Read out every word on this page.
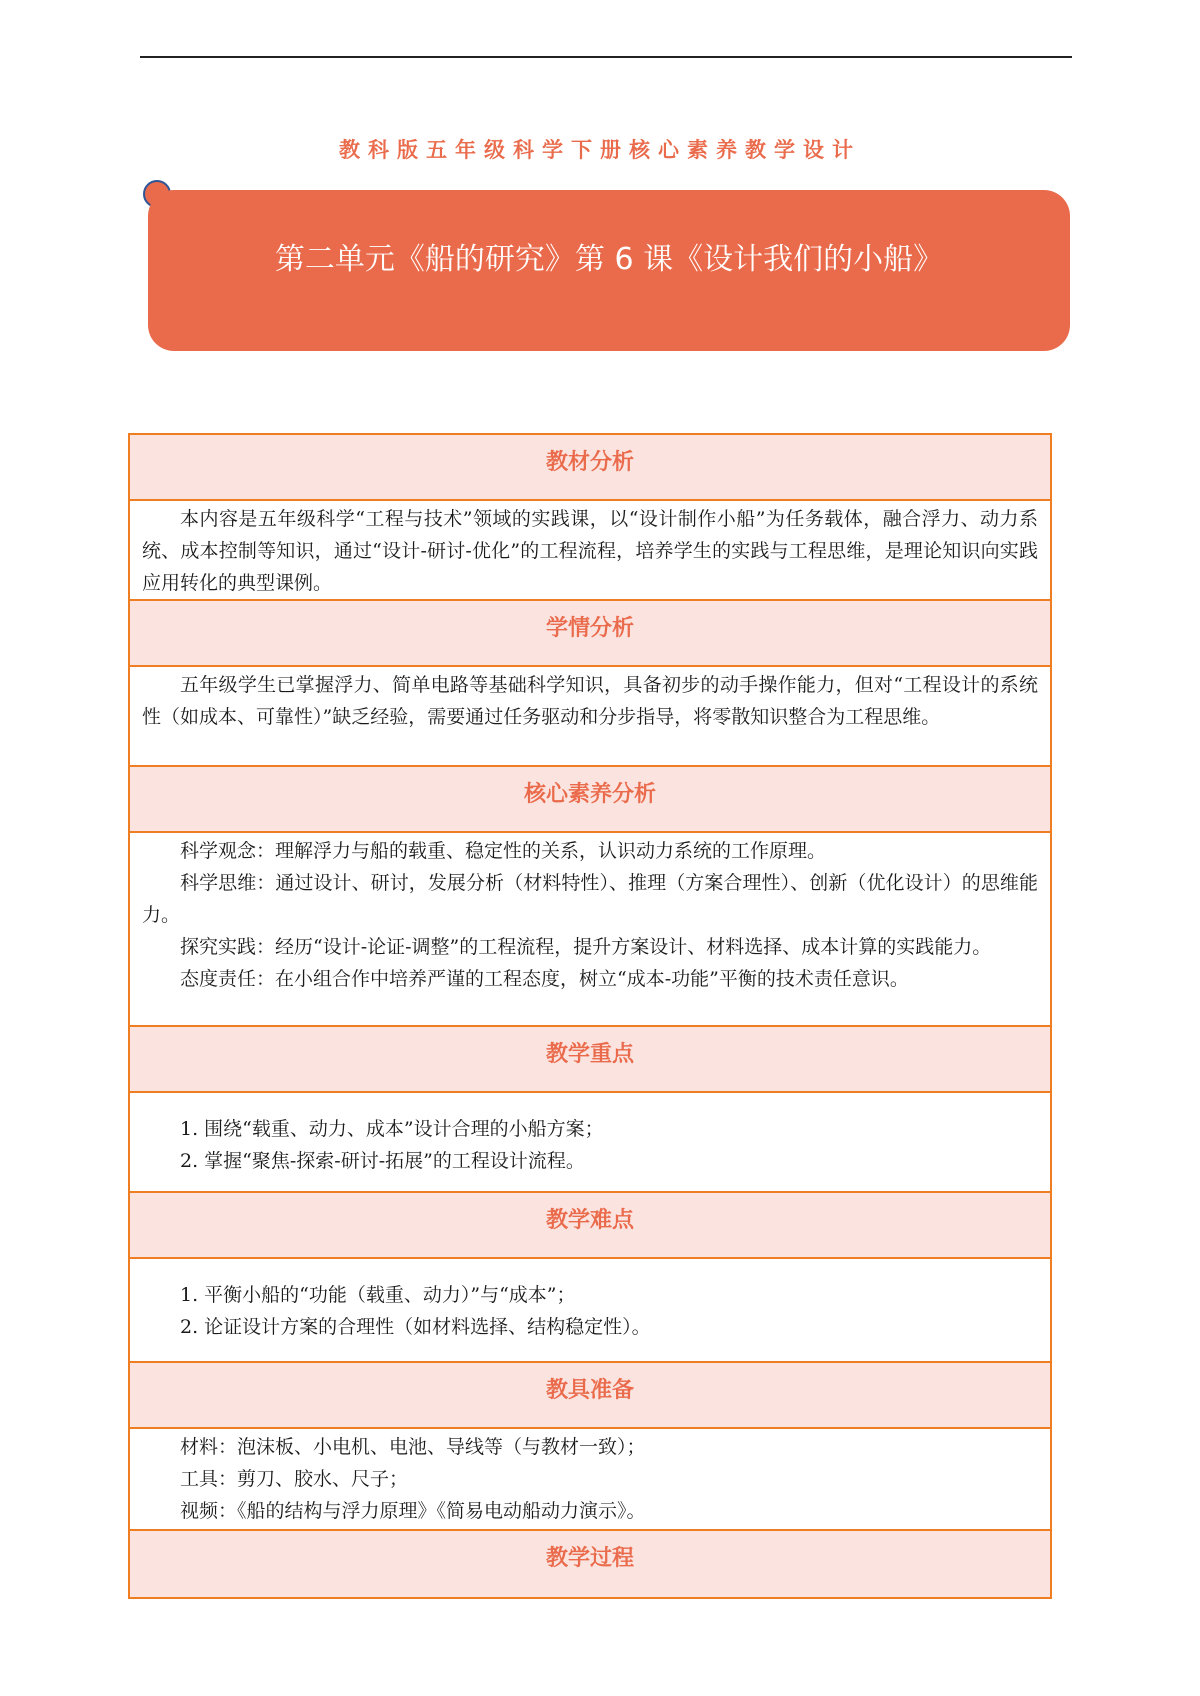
教科版五年级科学下册核心素养教学设计
第二单元《船的研究》第 6 课《设计我们的小船》
教材分析

本内容是五年级科学“工程与技术”领域的实践课，以“设计制作小船”为任务载体，融合浮力、动力系统、成本控制等知识，通过“设计-研讨-优化”的工程流程，培养学生的实践与工程思维，是理论知识向实践应用转化的典型课例。

学情分析

五年级学生已掌握浮力、简单电路等基础科学知识，具备初步的动手操作能力，但对“工程设计的系统性（如成本、可靠性）”缺乏经验，需要通过任务驱动和分步指导，将零散知识整合为工程思维。

核心素养分析

科学观念：理解浮力与船的载重、稳定性的关系，认识动力系统的工作原理。

科学思维：通过设计、研讨，发展分析（材料特性）、推理（方案合理性）、创新（优化设计）的思维能力。

探究实践：经历“设计-论证-调整”的工程流程，提升方案设计、材料选择、成本计算的实践能力。

态度责任：在小组合作中培养严谨的工程态度，树立“成本-功能”平衡的技术责任意识。

教学重点

1. 围绕“载重、动力、成本”设计合理的小船方案；

2. 掌握“聚焦-探索-研讨-拓展”的工程设计流程。

教学难点

1. 平衡小船的“功能（载重、动力）”与“成本”；

2. 论证设计方案的合理性（如材料选择、结构稳定性）。

教具准备

材料：泡沫板、小电机、电池、导线等（与教材一致）；

工具：剪刀、胶水、尺子；

视频：《船的结构与浮力原理》《简易电动船动力演示》。

教学过程
